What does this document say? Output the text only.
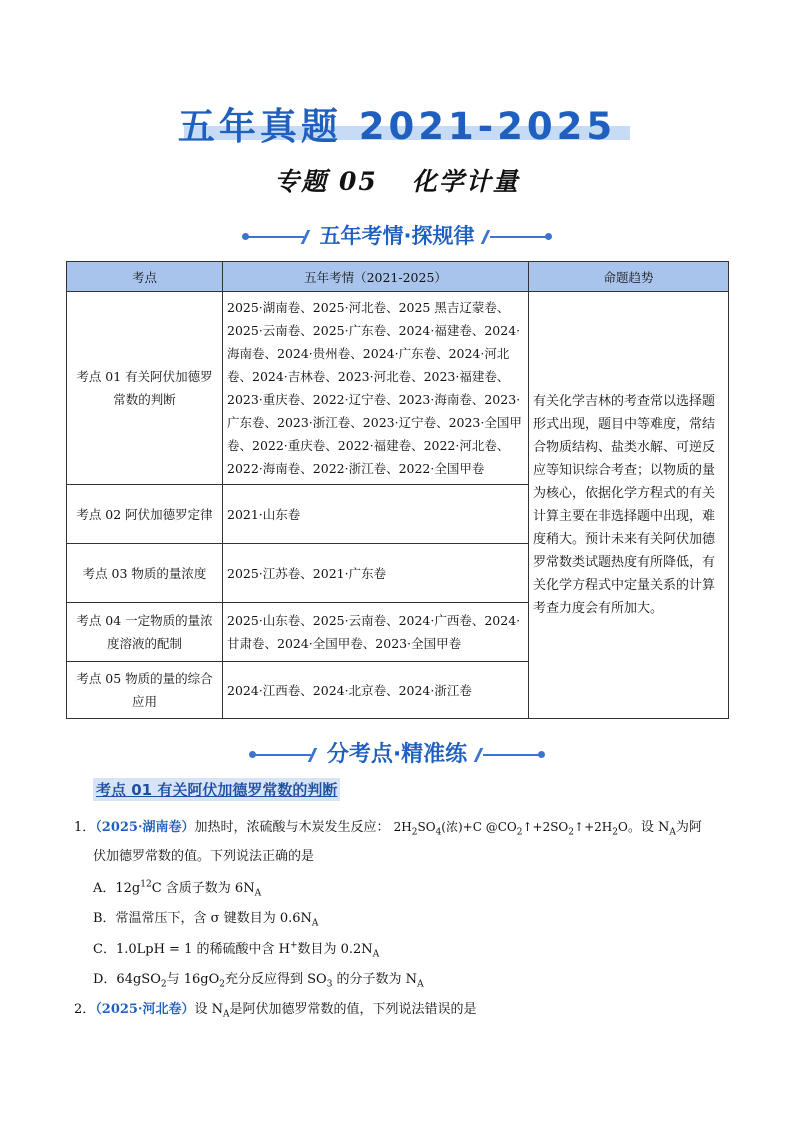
五年真题 2021-2025
专题 05 化学计量
五年考情·探规律
考点	五年考情（2021-2025）	命题趋势
考点 01 有关阿伏加德罗常数的判断	2025·湖南卷、2025·河北卷、2025 黑吉辽蒙卷、2025·云南卷、2025·广东卷、2024·福建卷、2024·海南卷、2024·贵州卷、2024·广东卷、2024·河北卷、2024·吉林卷、2023·河北卷、2023·福建卷、2023·重庆卷、2022·辽宁卷、2023·海南卷、2023·广东卷、2023·浙江卷、2023·辽宁卷、2023·全国甲卷、2022·重庆卷、2022·福建卷、2022·河北卷、2022·海南卷、2022·浙江卷、2022·全国甲卷	有关化学吉林的考查常以选择题形式出现，题目中等难度，常结合物质结构、盐类水解、可逆反应等知识综合考查；以物质的量为核心，依据化学方程式的有关计算主要在非选择题中出现，难度稍大。预计未来有关阿伏加德罗常数类试题热度有所降低，有关化学方程式中定量关系的计算考查力度会有所加大。
考点 02 阿伏加德罗定律	2021·山东卷	
考点 03 物质的量浓度	2025·江苏卷、2021·广东卷	
考点 04 一定物质的量浓度溶液的配制	2025·山东卷、2025·云南卷、2024·广西卷、2024·甘肃卷、2024·全国甲卷、2023·全国甲卷	
考点 05 物质的量的综合应用	2024·江西卷、2024·北京卷、2024·浙江卷	
分考点·精准练
考点 01 有关阿伏加德罗常数的判断
1．（2025·湖南卷）加热时，浓硫酸与木炭发生反应： $2H_2SO_4$(浓)+C $@CO_2↑+2SO_2↑+2H_2O$。设 $N_A$为阿
伏加德罗常数的值。下列说法正确的是
A．$12g^{12}C$ 含质子数为 $6N_A$
B．常温常压下，含 σ 键数目为 $0.6N_A$
C．1.0LpH = 1 的稀硫酸中含 H+数目为 $0.2N_A$
D．64gSO$_2$与 $16gO_2$充分反应得到 $SO_3$ 的分子数为 $N_A$
2．（2025·河北卷）设 $N_A$是阿伏加德罗常数的值，下列说法错误的是
